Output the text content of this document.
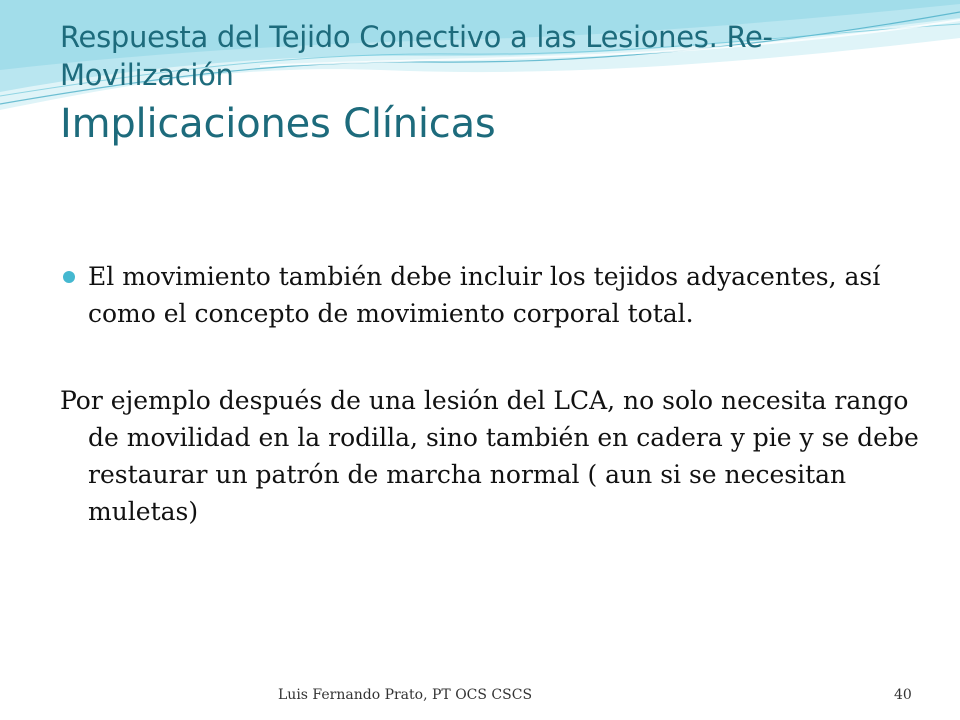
Respuesta del Tejido Conectivo a las Lesiones. Re-Movilización
Implicaciones Clínicas

El movimiento también debe incluir los tejidos adyacentes, así como el concepto de movimiento corporal total.

Por ejemplo después de una lesión del LCA, no solo necesita rango de movilidad en la rodilla, sino también en cadera y pie y se debe restaurar un patrón de marcha normal ( aun si se necesitan muletas)

Luis Fernando Prato, PT OCS CSCS	40
